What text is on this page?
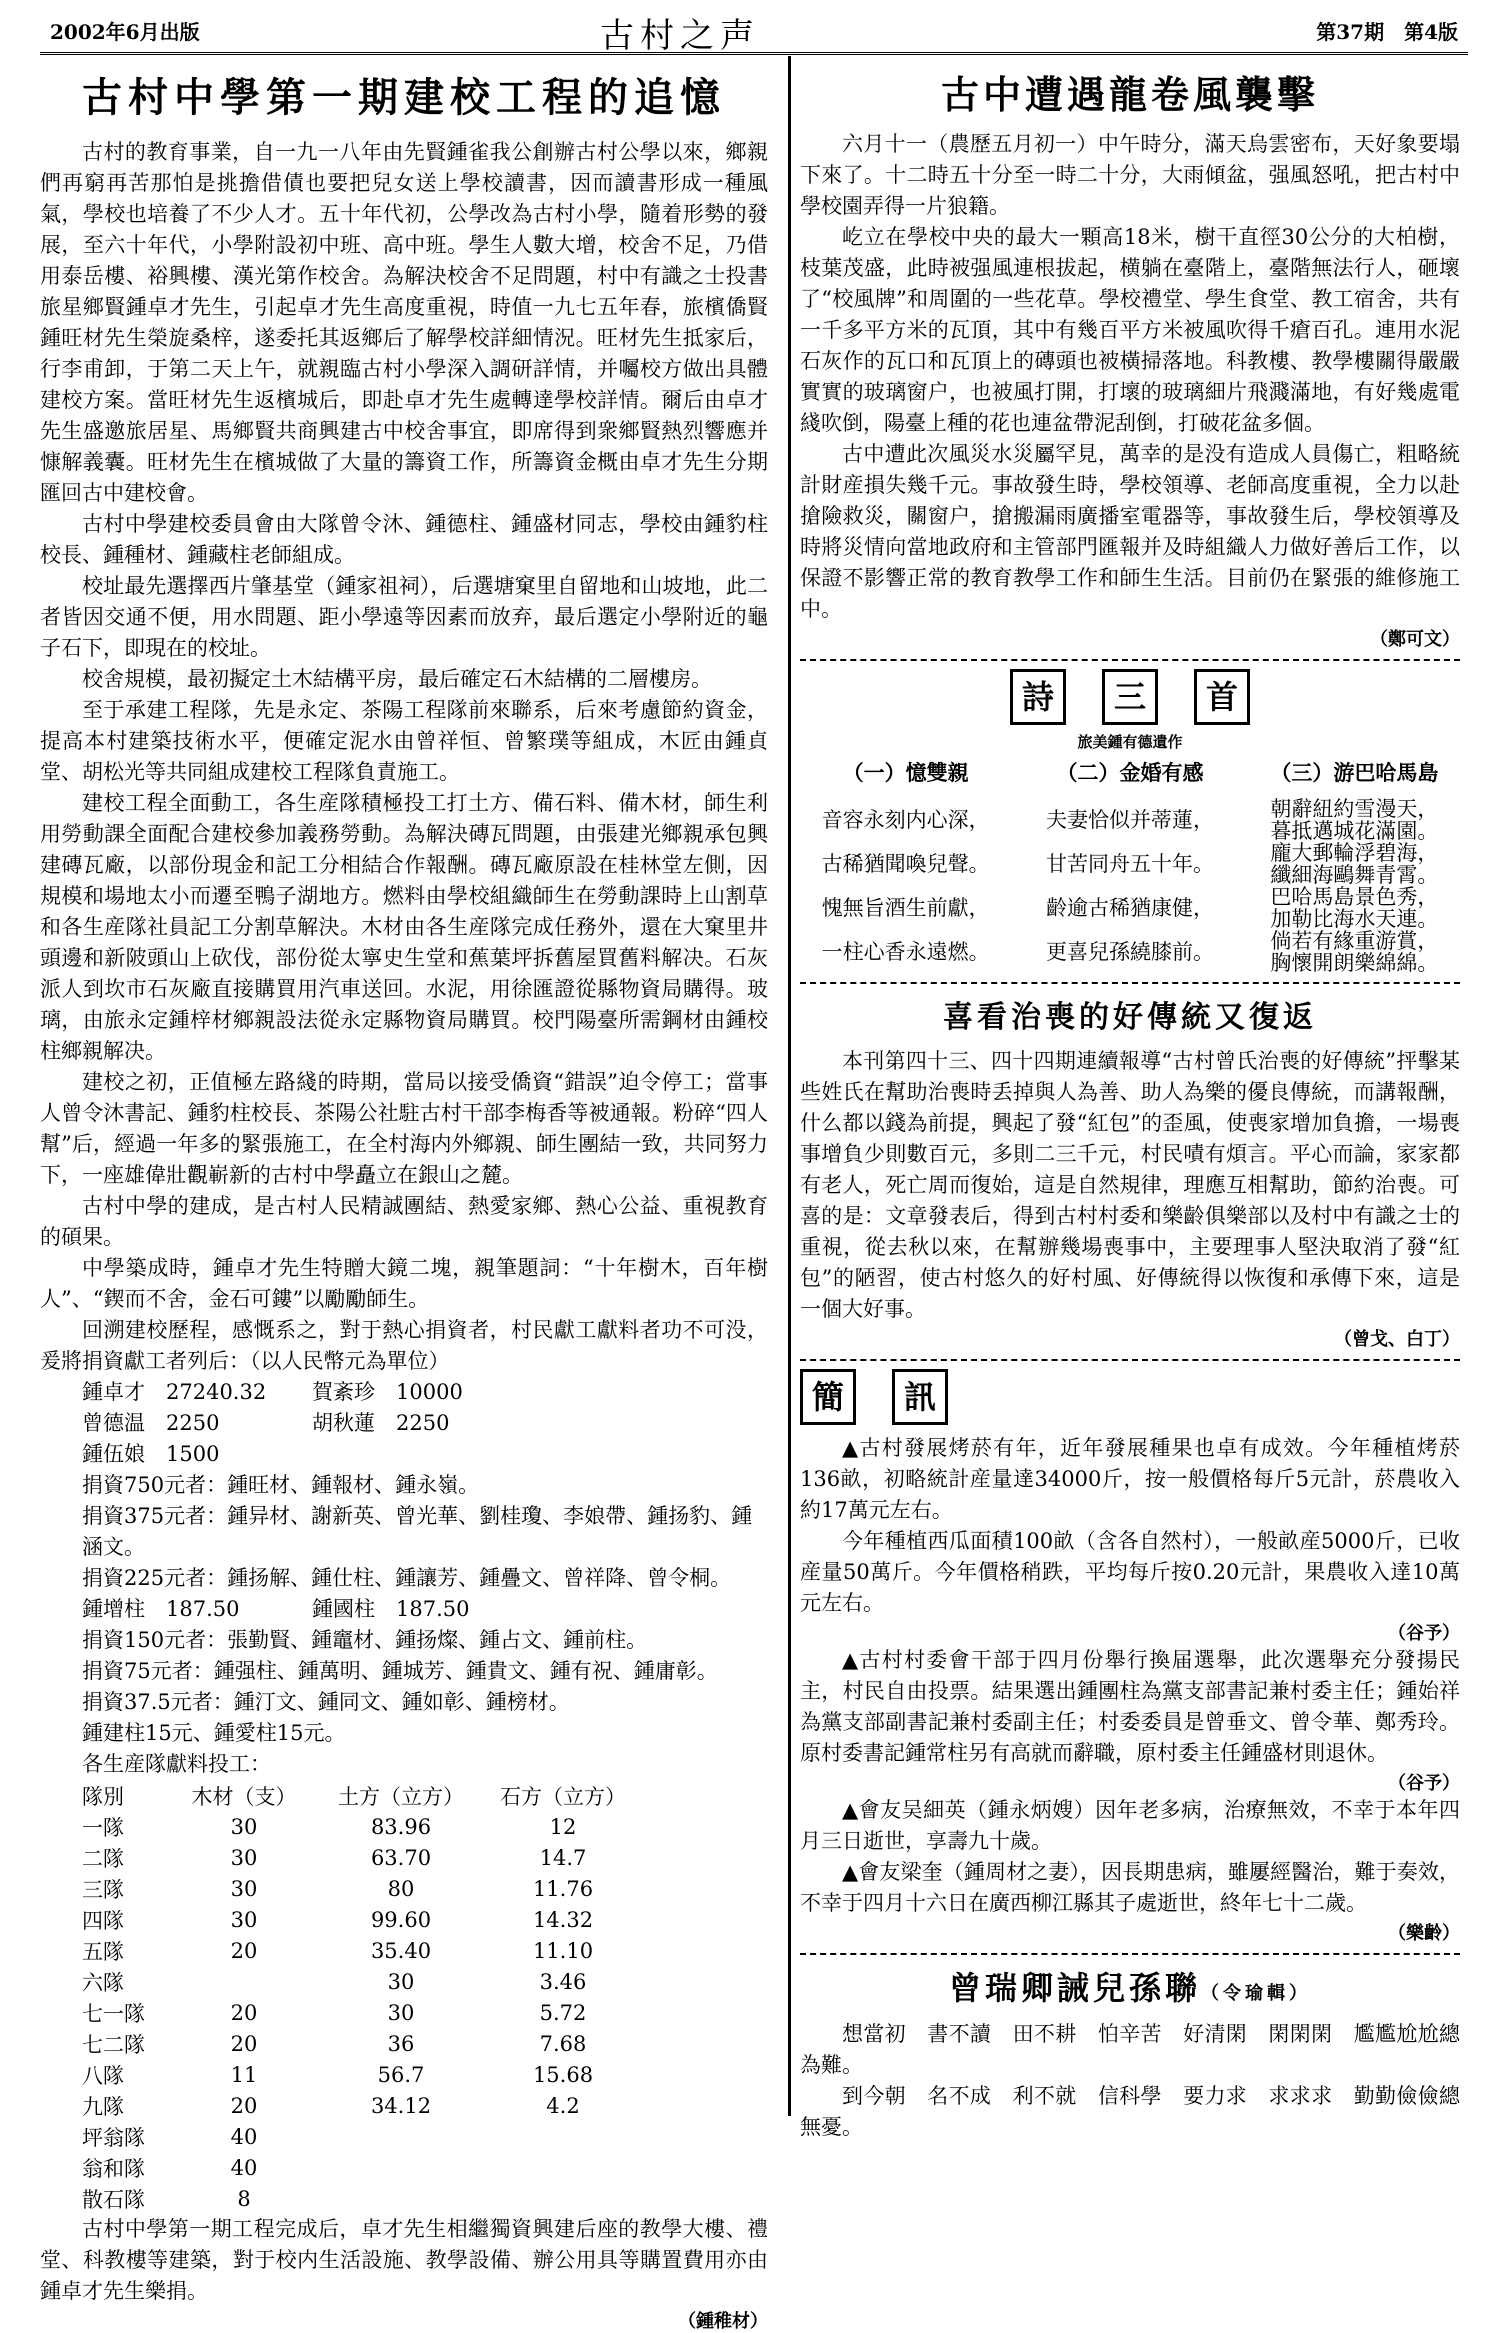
2002年6月出版	古村之声	第37期　 第4版
古村中學第一期建校工程的追憶

古村的教育事業，自一九一八年由先賢鍾雀我公創辦古村公學以來，鄉親們再窮再苦那怕是挑擔借債也要把兒女送上學校讀書，因而讀書形成一種風氣，學校也培養了不少人才。五十年代初，公學改為古村小學，隨着形勢的發展，至六十年代，小學附設初中班、高中班。學生人數大增，校舍不足，乃借用泰岳樓、裕興樓、漢光第作校舍。為解決校舍不足問題，村中有識之士投書旅星鄉賢鍾卓才先生，引起卓才先生高度重視，時值一九七五年春，旅檳僑賢鍾旺材先生榮旋桑梓，遂委托其返鄉后了解學校詳細情況。旺材先生抵家后，行李甫卸，于第二天上午，就親臨古村小學深入調研詳情，并囑校方做出具體建校方案。當旺材先生返檳城后，即赴卓才先生處轉達學校詳情。爾后由卓才先生盛邀旅居星、馬鄉賢共商興建古中校舍事宜，即席得到衆鄉賢熱烈響應并慷解義囊。旺材先生在檳城做了大量的籌資工作，所籌資金概由卓才先生分期匯回古中建校會。

古村中學建校委員會由大隊曾令沐、鍾德柱、鍾盛材同志，學校由鍾豹柱校長、鍾種材、鍾藏柱老師組成。

校址最先選擇西片肇基堂（鍾家祖祠），后選塘窠里自留地和山坡地，此二者皆因交通不便，用水問題、距小學遠等因素而放弃，最后選定小學附近的龜子石下，即現在的校址。

校舍規模，最初擬定土木結構平房，最后確定石木結構的二層樓房。

至于承建工程隊，先是永定、茶陽工程隊前來聯系，后來考慮節約資金，提高本村建築技術水平，便確定泥水由曾祥恒、曾繁璞等組成，木匠由鍾貞堂、胡松光等共同組成建校工程隊負責施工。

建校工程全面動工，各生産隊積極投工打土方、備石料、備木材，師生利用勞動課全面配合建校參加義務勞動。為解決磚瓦問題，由張建光鄉親承包興建磚瓦廠，以部份現金和記工分相結合作報酬。磚瓦廠原設在桂林堂左側，因規模和場地太小而遷至鴨子湖地方。燃料由學校組織師生在勞動課時上山割草和各生産隊社員記工分割草解決。木材由各生産隊完成任務外，還在大窠里井頭邊和新陂頭山上砍伐，部份從太寧史生堂和蕉葉坪拆舊屋買舊料解决。石灰派人到坎市石灰廠直接購買用汽車送回。水泥，用徐匯證從縣物資局購得。玻璃，由旅永定鍾梓材鄉親設法從永定縣物資局購買。校門陽臺所需鋼材由鍾校柱鄉親解决。

建校之初，正值極左路綫的時期，當局以接受僑資“錯誤”迫令停工；當事人曾令沐書記、鍾豹柱校長、茶陽公社駐古村干部李梅香等被通報。粉碎“四人幫”后，經過一年多的緊張施工，在全村海内外鄉親、師生團結一致，共同努力下，一座雄偉壯觀嶄新的古村中學矗立在銀山之麓。

古村中學的建成，是古村人民精誠團結、熱愛家鄉、熱心公益、重視教育的碩果。

中學築成時，鍾卓才先生特贈大鏡二塊，親筆題詞：“十年樹木，百年樹人”、“鍥而不舍，金石可鏤”以勵勵師生。

回溯建校歷程，感慨系之，對于熱心捐資者，村民獻工獻料者功不可没，爰將捐資獻工者列后：（以人民幣元為單位）

鍾卓才　27240.32 賀紊珍　10000
曾德温　2250	胡秋蓮　2250
鍾伍娘　1500
捐資750元者：鍾旺材、鍾報材、鍾永嶺。
捐資375元者：鍾异材、謝新英、曾光華、劉桂瓊、李娘帶、鍾扬豹、鍾涵文。
捐資225元者：鍾扬解、鍾仕柱、鍾讓芳、鍾疊文、曾祥降、曾令桐。
鍾增柱　187.50	鍾國柱　187.50
捐資150元者：張勤賢、鍾竈材、鍾扬燦、鍾占文、鍾前柱。
捐資75元者：鍾强柱、鍾萬明、鍾城芳、鍾貴文、鍾有祝、鍾庸彰。
捐資37.5元者：鍾汀文、鍾同文、鍾如彰、鍾榜材。
鍾建柱15元、鍾愛柱15元。
各生産隊獻料投工：
隊別	木材（支）	土方（立方）	石方（立方）
一隊	30	83.96	12
二隊	30	63.70	14.7
三隊	30	80	11.76
四隊	30	99.60	14.32
五隊	20	35.40	11.10
六隊		30	3.46
七一隊	20	30	5.72
七二隊	20	36	7.68
八隊	11	56.7	15.68
九隊	20	34.12	4.2
坪翁隊	40		
翁和隊	40		
散石隊	8		

古村中學第一期工程完成后，卓才先生相繼獨資興建后座的教學大樓、禮堂、科教樓等建築，對于校内生活設施、教學設備、辦公用具等購置費用亦由鍾卓才先生樂捐。

（鍾稚材）
古中遭遇龍卷風襲擊

六月十一（農歷五月初一）中午時分，滿天烏雲密布，天好象要塌下來了。十二時五十分至一時二十分，大雨傾盆，强風怒吼，把古村中學校園弄得一片狼籍。

屹立在學校中央的最大一顆高18米，樹干直徑30公分的大柏樹，枝葉茂盛，此時被强風連根拔起，横躺在臺階上，臺階無法行人，砸壞了“校風牌”和周圍的一些花草。學校禮堂、學生食堂、教工宿舍，共有一千多平方米的瓦頂，其中有幾百平方米被風吹得千瘡百孔。連用水泥石灰作的瓦口和瓦頂上的磚頭也被橫掃落地。科教樓、教學樓關得嚴嚴實實的玻璃窗户，也被風打開，打壞的玻璃細片飛濺滿地，有好幾處電綫吹倒，陽臺上種的花也連盆帶泥刮倒，打破花盆多個。

古中遭此次風災水災屬罕見，萬幸的是没有造成人員傷亡，粗略統計財産損失幾千元。事故發生時，學校領導、老師高度重視，全力以赴搶險救災，關窗户，搶搬漏雨廣播室電器等，事故發生后，學校領導及時將災情向當地政府和主管部門匯報并及時組織人力做好善后工作，以保證不影響正常的教育教學工作和師生生活。目前仍在緊張的維修施工中。

（鄭可文）
詩 三 首
旅美鍾有德遺作
（一）憶雙親
音容永刻内心深，
古稀猶聞喚兒聲。
愧無旨酒生前獻，
一柱心香永遠燃。
（二）金婚有感
夫妻恰似并蒂蓮，
甘苦同舟五十年。
齡逾古稀猶康健，
更喜兒孫繞膝前。
（三）游巴哈馬島
朝辭紐約雪漫天，
暮抵邁城花滿園。
龐大郵輪浮碧海，
纖細海鷗舞青霄。
巴哈馬島景色秀，
加勒比海水天連。
倘若有緣重游賞，
胸懷開朗樂綿綿。
喜看治喪的好傳統又復返

本刊第四十三、四十四期連續報導“古村曾氏治喪的好傳統”抨擊某些姓氏在幫助治喪時丢掉與人為善、助人為樂的優良傳統，而講報酬，什么都以錢為前提，興起了發“紅包”的歪風，使喪家增加負擔，一場喪事增負少則數百元，多則二三千元，村民嘖有煩言。平心而論，家家都有老人，死亡周而復始，這是自然規律，理應互相幫助，節約治喪。可喜的是：文章發表后，得到古村村委和樂齡俱樂部以及村中有識之士的重視，從去秋以來，在幫辦幾場喪事中，主要理事人堅決取消了發“紅包”的陋習，使古村悠久的好村風、好傳統得以恢復和承傳下來，這是一個大好事。

（曾戈、白丁）
簡 訊

▲古村發展烤菸有年，近年發展種果也卓有成效。今年種植烤菸136畝，初略統計産量達34000斤，按一般價格每斤5元計，菸農收入約17萬元左右。

今年種植西瓜面積100畝（含各自然村），一般畝産5000斤，已收産量50萬斤。今年價格稍跌，平均每斤按0.20元計，果農收入達10萬元左右。

（谷予）

▲古村村委會干部于四月份舉行換届選舉，此次選舉充分發揚民主，村民自由投票。結果選出鍾團柱為黨支部書記兼村委主任；鍾始祥為黨支部副書記兼村委副主任；村委委員是曾垂文、曾令華、鄭秀玲。原村委書記鍾常柱另有高就而辭職，原村委主任鍾盛材則退休。

（谷予）

▲會友吴細英（鍾永炳嫂）因年老多病，治療無效，不幸于本年四月三日逝世，享壽九十歲。

▲會友梁奎（鍾周材之妻），因長期患病，雖屢經醫治，難于奏效，不幸于四月十六日在廣西柳江縣其子處逝世，終年七十二歲。

（樂齡）
曾瑞卿誡兒孫聯（令瑜輯）

想當初　書不讀　田不耕　怕辛苦　好清閑　閑閑閑　尷尷尬尬總為難。

到今朝　名不成　利不就　信科學　要力求　求求求　勤勤儉儉總無憂。
